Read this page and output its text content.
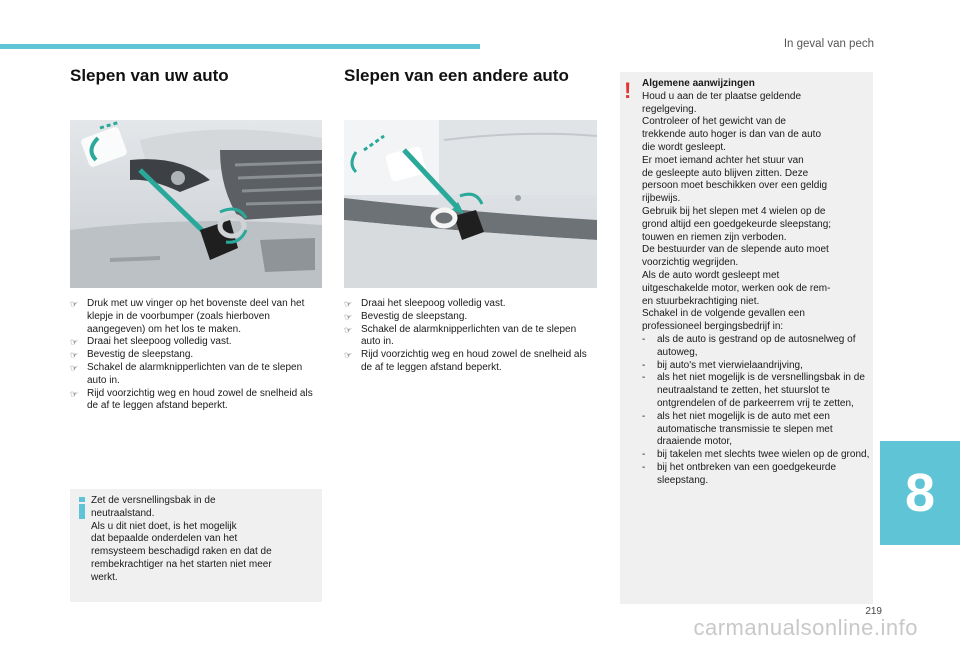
In geval van pech
Slepen van uw auto
☞ Druk met uw vinger op het bovenste deel van het klepje in de voorbumper (zoals hierboven aangegeven) om het los te maken.
☞ Draai het sleepoog volledig vast.
☞ Bevestig de sleepstang.
☞ Schakel de alarmknipperlichten van de te slepen auto in.
☞ Rijd voorzichtig weg en houd zowel de snelheid als de af te leggen afstand beperkt.
Zet de versnellingsbak in de
neutraalstand.
Als u dit niet doet, is het mogelijk
dat bepaalde onderdelen van het
remsysteem beschadigd raken en dat de
rembekrachtiger na het starten niet meer
werkt.
Slepen van een andere auto
☞ Draai het sleepoog volledig vast.
☞ Bevestig de sleepstang.
☞ Schakel de alarmknipperlichten van de te slepen auto in.
☞ Rijd voorzichtig weg en houd zowel de snelheid als de af te leggen afstand beperkt.
! Algemene aanwijzingen
Houd u aan de ter plaatse geldende
regelgeving.
Controleer of het gewicht van de
trekkende auto hoger is dan van de auto
die wordt gesleept.
Er moet iemand achter het stuur van
de gesleepte auto blijven zitten. Deze
persoon moet beschikken over een geldig
rijbewijs.
Gebruik bij het slepen met 4 wielen op de
grond altijd een goedgekeurde sleepstang;
touwen en riemen zijn verboden.
De bestuurder van de slepende auto moet
voorzichtig wegrijden.
Als de auto wordt gesleept met
uitgeschakelde motor, werken ook de rem-
en stuurbekrachtiging niet.
Schakel in de volgende gevallen een
professioneel bergingsbedrijf in:
- als de auto is gestrand op de autosnelweg of autoweg,
- bij auto's met vierwielaandrijving,
- als het niet mogelijk is de versnellingsbak in de neutraalstand te zetten, het stuurslot te ontgrendelen of de parkeerrem vrij te zetten,
- als het niet mogelijk is de auto met een automatische transmissie te slepen met draaiende motor,
- bij takelen met slechts twee wielen op de grond,
- bij het ontbreken van een goedgekeurde sleepstang.	8
219
carmanualsonline.info
